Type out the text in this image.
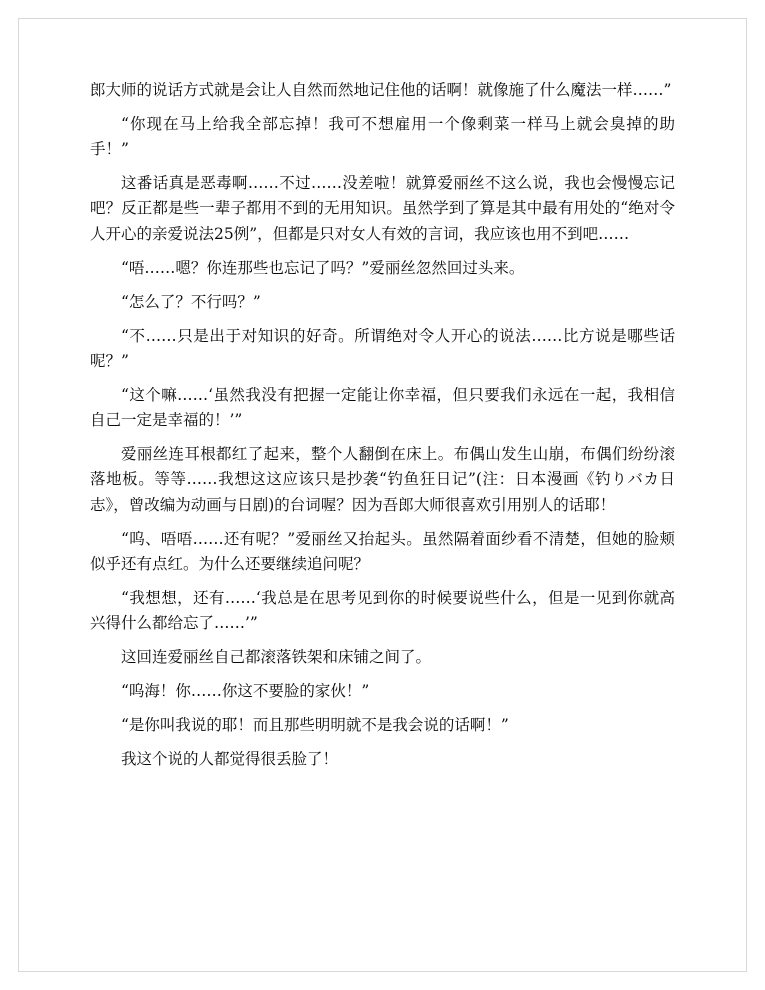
郎大师的说话方式就是会让人自然而然地记住他的话啊！就像施了什么魔法一样……”

“你现在马上给我全部忘掉！我可不想雇用一个像剩菜一样马上就会臭掉的助手！”

这番话真是恶毒啊……不过……没差啦！就算爱丽丝不这么说，我也会慢慢忘记吧？反正都是些一辈子都用不到的无用知识。虽然学到了算是其中最有用处的“绝对令人开心的亲爱说法25例”，但都是只对女人有效的言词，我应该也用不到吧……

“唔……嗯？你连那些也忘记了吗？”爱丽丝忽然回过头来。

“怎么了？不行吗？”

“不……只是出于对知识的好奇。所谓绝对令人开心的说法……比方说是哪些话呢？”

“这个嘛……‘虽然我没有把握一定能让你幸福，但只要我们永远在一起，我相信自己一定是幸福的！’”

爱丽丝连耳根都红了起来，整个人翻倒在床上。布偶山发生山崩，布偶们纷纷滚落地板。等等……我想这这应该只是抄袭“钓鱼狂日记”(注：日本漫画《钓りバカ日志》，曾改编为动画与日剧)的台词喔？因为吾郎大师很喜欢引用别人的话耶！

“呜、唔唔……还有呢？”爱丽丝又抬起头。虽然隔着面纱看不清楚，但她的脸颊似乎还有点红。为什么还要继续追问呢？

“我想想，还有……‘我总是在思考见到你的时候要说些什么，但是一见到你就高兴得什么都给忘了……’”

这回连爱丽丝自己都滚落铁架和床铺之间了。

“呜海！你……你这不要脸的家伙！”

“是你叫我说的耶！而且那些明明就不是我会说的话啊！”

我这个说的人都觉得很丢脸了！
